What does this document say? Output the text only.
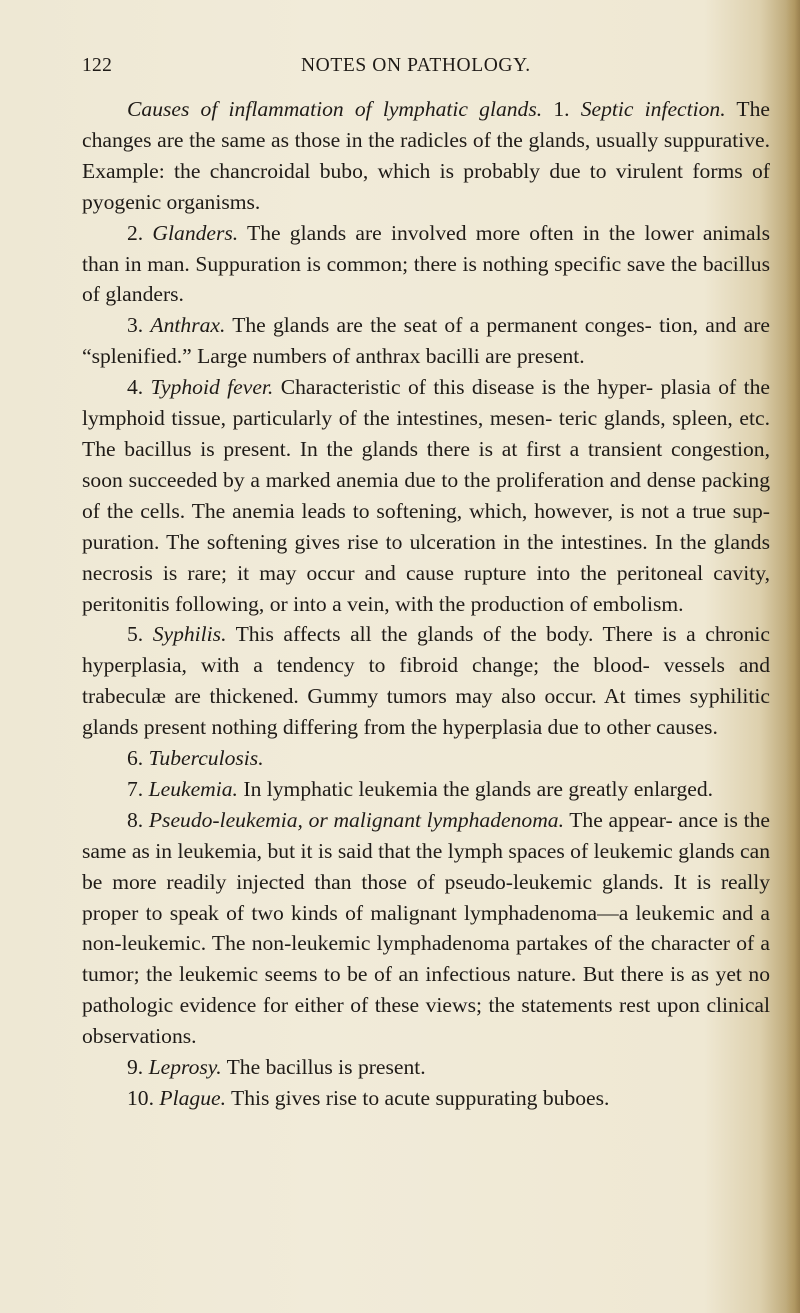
122	NOTES ON PATHOLOGY.

Causes of inflammation of lymphatic glands. 1. Septic infection. The changes are the same as those in the radicles of the glands, usually suppurative. Example: the chancroidal bubo, which is probably due to virulent forms of pyogenic organisms.

2. Glanders. The glands are involved more often in the lower animals than in man. Suppuration is common; there is nothing specific save the bacillus of glanders.

3. Anthrax. The glands are the seat of a permanent conges- tion, and are “splenified.” Large numbers of anthrax bacilli are present.

4. Typhoid fever. Characteristic of this disease is the hyper- plasia of the lymphoid tissue, particularly of the intestines, mesen- teric glands, spleen, etc. The bacillus is present. In the glands there is at first a transient congestion, soon succeeded by a marked anemia due to the proliferation and dense packing of the cells. The anemia leads to softening, which, however, is not a true sup- puration. The softening gives rise to ulceration in the intestines. In the glands necrosis is rare; it may occur and cause rupture into the peritoneal cavity, peritonitis following, or into a vein, with the production of embolism.

5. Syphilis. This affects all the glands of the body. There is a chronic hyperplasia, with a tendency to fibroid change; the blood- vessels and trabeculæ are thickened. Gummy tumors may also occur. At times syphilitic glands present nothing differing from the hyperplasia due to other causes.

6. Tuberculosis.

7. Leukemia. In lymphatic leukemia the glands are greatly enlarged.

8. Pseudo-leukemia, or malignant lymphadenoma. The appear- ance is the same as in leukemia, but it is said that the lymph spaces of leukemic glands can be more readily injected than those of pseudo-leukemic glands. It is really proper to speak of two kinds of malignant lymphadenoma—a leukemic and a non-leukemic. The non-leukemic lymphadenoma partakes of the character of a tumor; the leukemic seems to be of an infectious nature. But there is as yet no pathologic evidence for either of these views; the statements rest upon clinical observations.

9. Leprosy. The bacillus is present.

10. Plague. This gives rise to acute suppurating buboes.
